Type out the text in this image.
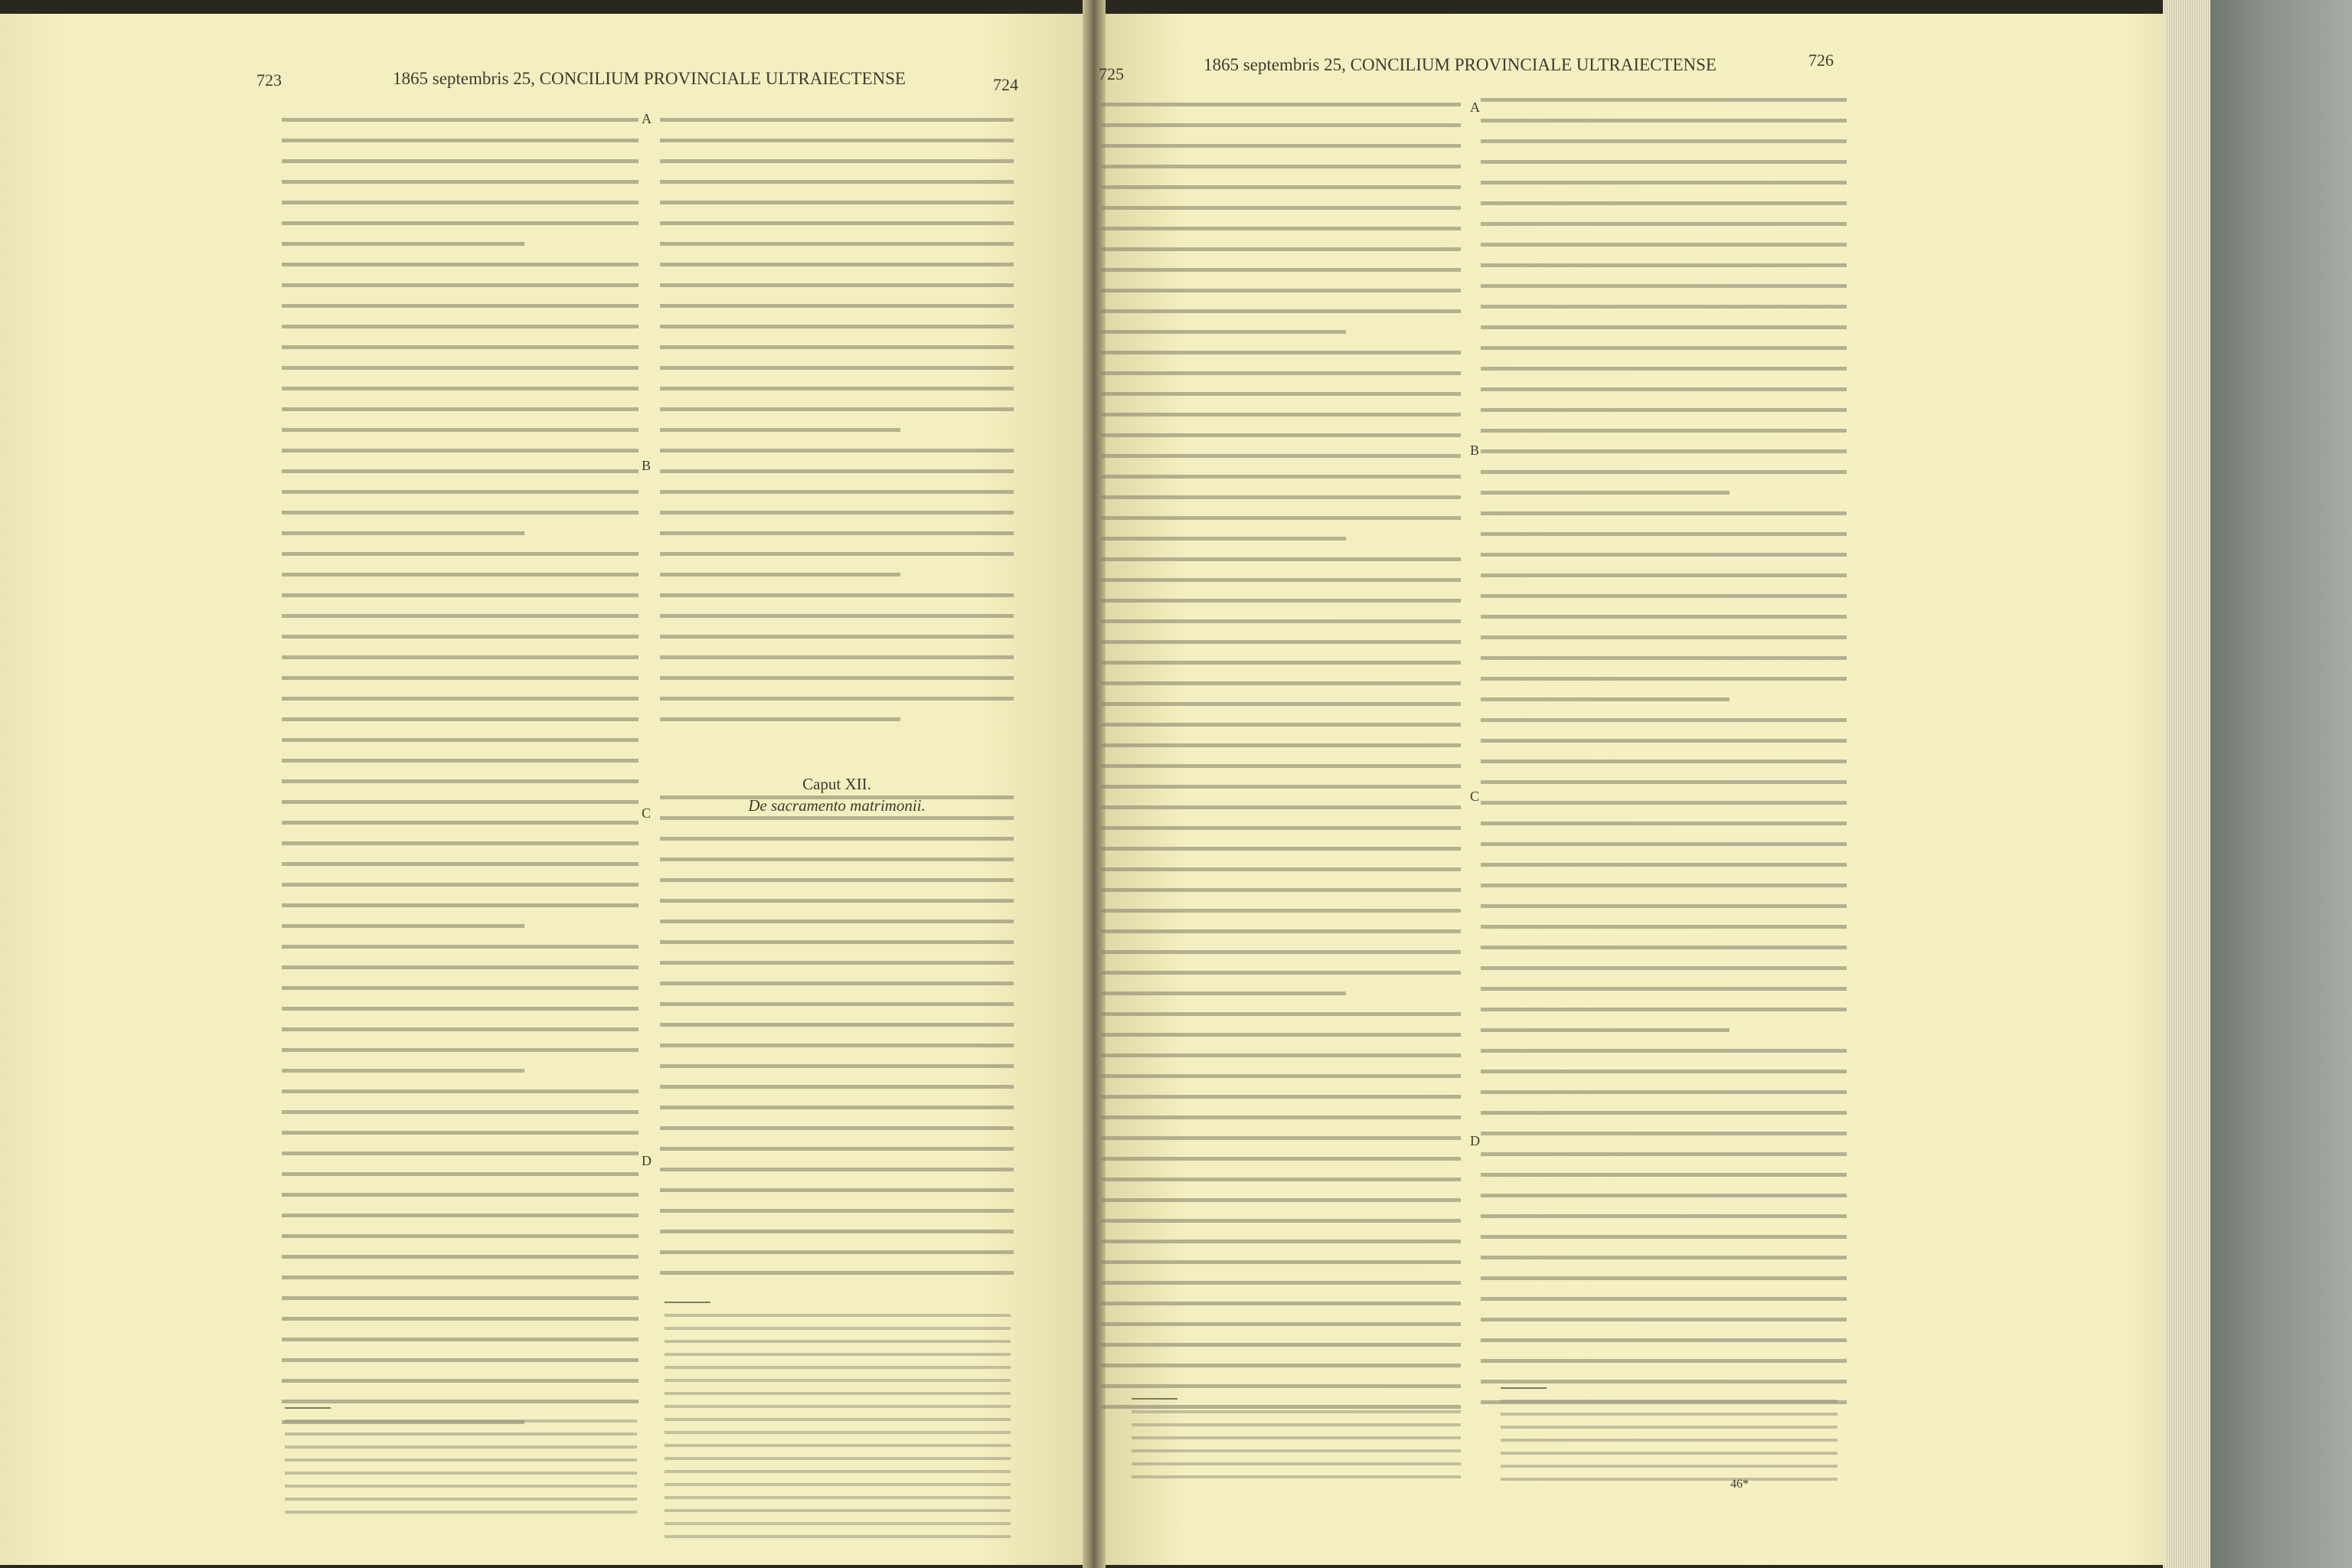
723	1865 septembris 25, CONCILIUM PROVINCIALE ULTRAIECTENSE	724
725	1865 septembris 25, CONCILIUM PROVINCIALE ULTRAIECTENSE	726
A
B
C
D
A
B
C
D
Caput XII.
De sacramento matrimonii.
46*
